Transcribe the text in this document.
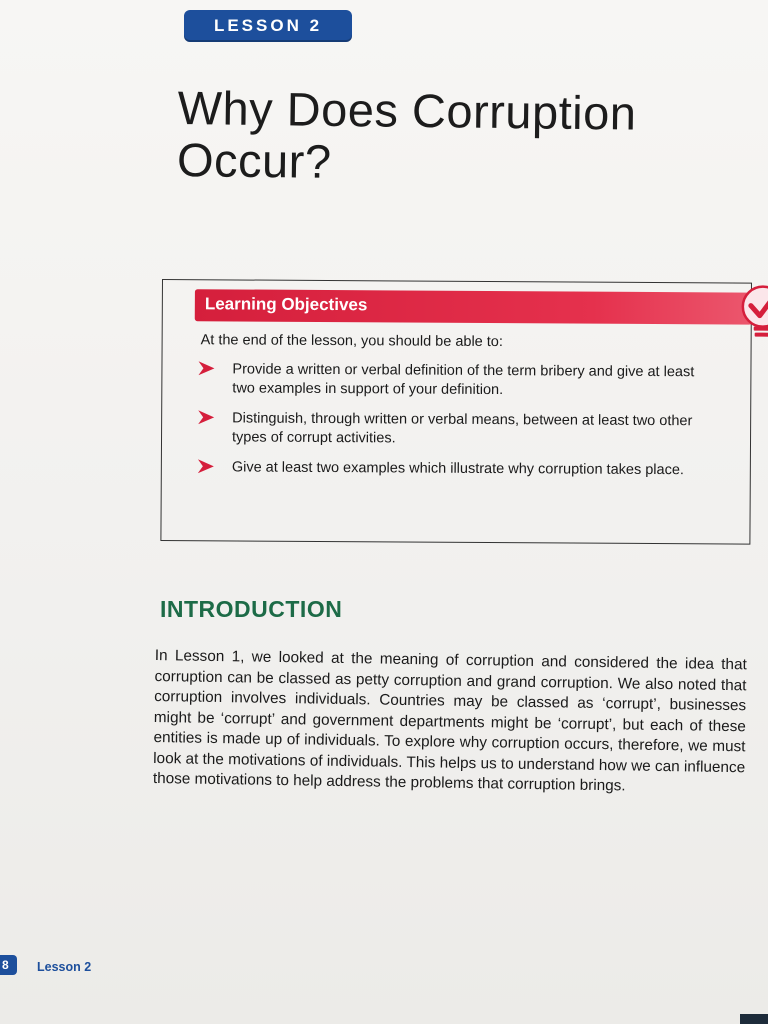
LESSON 2
Why Does Corruption
Occur?
Learning Objectives
At the end of the lesson, you should be able to:
Provide a written or verbal definition of the term bribery and give at least two examples in support of your definition.
Distinguish, through written or verbal means, between at least two other types of corrupt activities.
Give at least two examples which illustrate why corruption takes place.
INTRODUCTION

In Lesson 1, we looked at the meaning of corruption and considered the idea that corruption can be classed as petty corruption and grand corruption. We also noted that corruption involves individuals. Countries may be classed as ‘corrupt’, businesses might be ‘corrupt’ and government departments might be ‘corrupt’, but each of these entities is made up of individuals. To explore why corruption occurs, therefore, we must look at the motivations of individuals. This helps us to understand how we can influence those motivations to help address the problems that corruption brings.

8 Lesson 2
